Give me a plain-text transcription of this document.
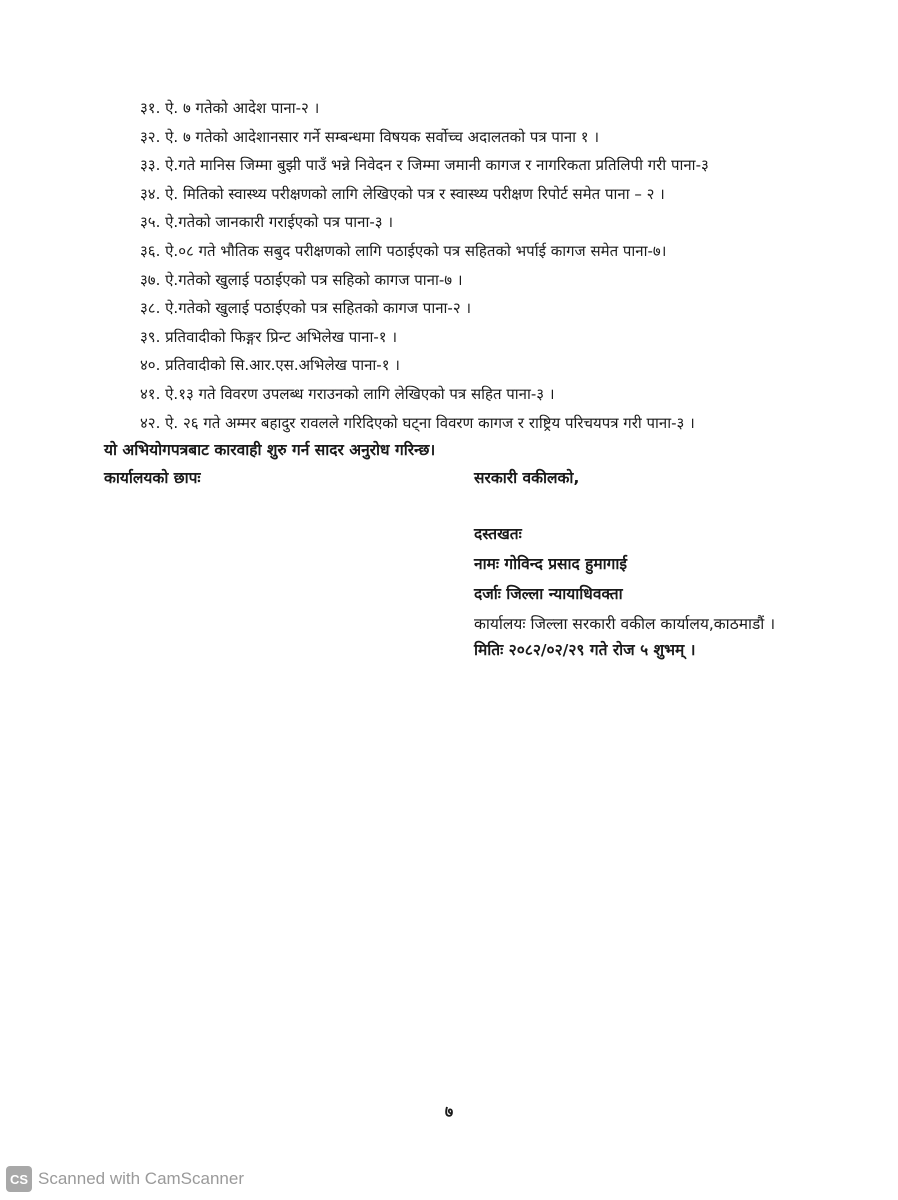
३१. ऐ. ७ गतेको आदेश पाना-२ ।
३२. ऐ. ७ गतेको आदेशानसार गर्ने सम्बन्धमा विषयक सर्वोच्च अदालतको पत्र पाना १ ।
३३. ऐ.गते मानिस जिम्मा बुझी पाउँ भन्ने निवेदन र जिम्मा जमानी कागज र नागरिकता प्रतिलिपी गरी पाना-३
३४. ऐ. मितिको स्वास्थ्य परीक्षणको लागि लेखिएको पत्र र स्वास्थ्य परीक्षण रिपोर्ट समेत पाना – २ ।
३५. ऐ.गतेको जानकारी गराईएको पत्र पाना-३ ।
३६. ऐ.०८ गते भौतिक सबुद परीक्षणको लागि पठाईएको पत्र सहितको भर्पाई कागज समेत पाना-७।
३७. ऐ.गतेको खुलाई पठाईएको पत्र सहिको कागज पाना-७ ।
३८. ऐ.गतेको खुलाई पठाईएको पत्र सहितको कागज पाना-२ ।
३९. प्रतिवादीको फिङ्गर प्रिन्ट अभिलेख पाना-१ ।
४०. प्रतिवादीको सि.आर.एस.अभिलेख पाना-१ ।
४१. ऐ.१३ गते विवरण उपलब्ध गराउनको लागि लेखिएको पत्र सहित पाना-३ ।
४२. ऐ. २६ गते अम्मर बहादुर रावलले गरिदिएको घट्ना विवरण कागज र राष्ट्रिय परिचयपत्र गरी पाना-३ ।
यो अभियोगपत्रबाट कारवाही शुरु गर्न सादर अनुरोध गरिन्छ।
कार्यालयको छापः	सरकारी वकीलको,
दस्तखतः
नामः गोविन्द प्रसाद हुमागाई
दर्जाः जिल्ला न्यायाधिवक्ता
कार्यालयः जिल्ला सरकारी वकील कार्यालय,काठमाडौं ।
मितिः २०८२/०२/२९ गते रोज ५ शुभम् ।
७
CS Scanned with CamScanner
